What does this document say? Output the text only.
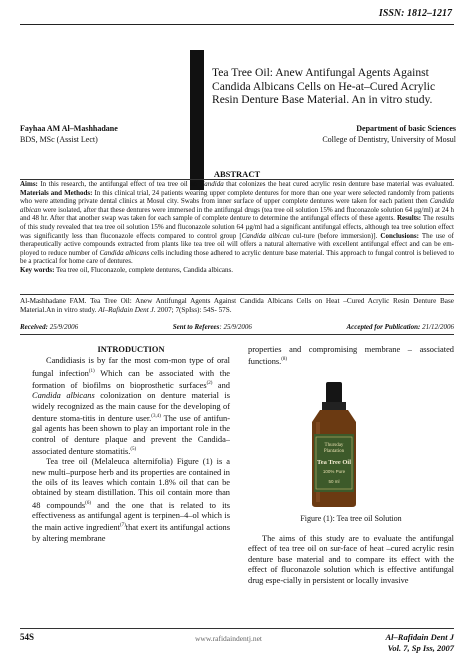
ISSN: 1812–1217
Tea Tree Oil: Anew Antifungal Agents Against Candida Albicans Cells on He-at–Cured Acrylic Resin Denture Base Material. An in vitro study.
Fayhaa AM Al–Mashhadane
BDS, MSc (Assist Lect)
Department of basic Sciences
College of Dentistry, University of Mosul
ABSTRACT
Aims: In this research, the antifungal effect of tea tree oil on Candida that colonizes the heat cured acrylic resin denture base material was evaluated. Materials and Methods: In this clinical trial, 24 patients wearing upper complete dentures for more than one year were selected randomly from patients who were attending private dental clinics at Mosul city. Swabs from inner surface of upper complete dentures were taken for each patient then Candida albican were isolated, after that these dentures were immersed in the antifungal drugs (tea tree oil solution 15% and fluconazole solution 64 µg/ml) at 24 h and 48 hr. After that another swap was taken for each sample of complete denture to determine the antifungal effects of these agents. Results: The results of this study revealed that tea tree oil solution 15% and fluconazole solution 64 µg/ml had a significant antifungal effects, although tea tree solution effect was significantly less than fluconazole effects compared to control group [Candida albican cul-ture (before immersion)]. Conclusions: The use of therapeutically active compounds extracted from plants like tea tree oil will offers a natural alternative with excellent antifungal effect and can be em-ployed to reduce number of Candida albicans cells including those adhered to acrylic denture base material. This approach to fungal control is believed to be a practical for home care of dentures.
Key words: Tea tree oil, Fluconazole, complete dentures, Candida albicans.
Al-Mashhadane FAM. Tea Tree Oil: Anew Antifungal Agents Against Candida Albicans Cells on Heat –Cured Acrylic Resin Denture Base Material.An in vitro study. Al–Rafidain Dent J. 2007; 7(SpIss): 54S- 57S.
Received: 25/9/2006	Sent to Referees: 25/9/2006	Accepted for Publication: 21/12/2006
INTRODUCTION
Candidiasis is by far the most com-mon type of oral fungal infection$^{(1)}$ Which can be associated with the formation of biofilms on bioprosthetic surfaces$^{(2)}$ and Candida albicans colonization on denture material is widely recognized as the main cause for the developing of denture stoma-titis in denture user.$^{(3,4)}$ The use of antifun-gal agents has been shown to play an important role in the control of denture plaque and prevent the Candida–associated denture stomatitis.$^{(5)}$
Tea tree oil (Melaleuca alternifolia) Figure (1) is a new multi–purpose herb and its properties are contained in the oils of its leaves which contain 1.8% oil that can be obtained by steam distillation. This oil contain more than 48 compounds$^{(6)}$ and the one that is related to its effectiveness as antifungal agent is terpinen–4–ol which is the main active ingredient$^{(7)}$that exert its antifungal actions by altering membrane
properties and compromising membrane – associated functions.$^{(8)}$
Thursday
Plantation
Tea Tree Oil
100% Pure
50 ml
Figure (1): Tea tree oil Solution
The aims of this study are to evaluate the antifungal effect of tea tree oil on sur-face of heat –cured acrylic resin denture base material and to compare its effect with the effect of fluconazole solution which is effective antifungal drug espe-cially in persistent or locally invasive
54S	www.rafidaindentj.net	Al–Rafidain Dent J
Vol. 7, Sp Iss, 2007
